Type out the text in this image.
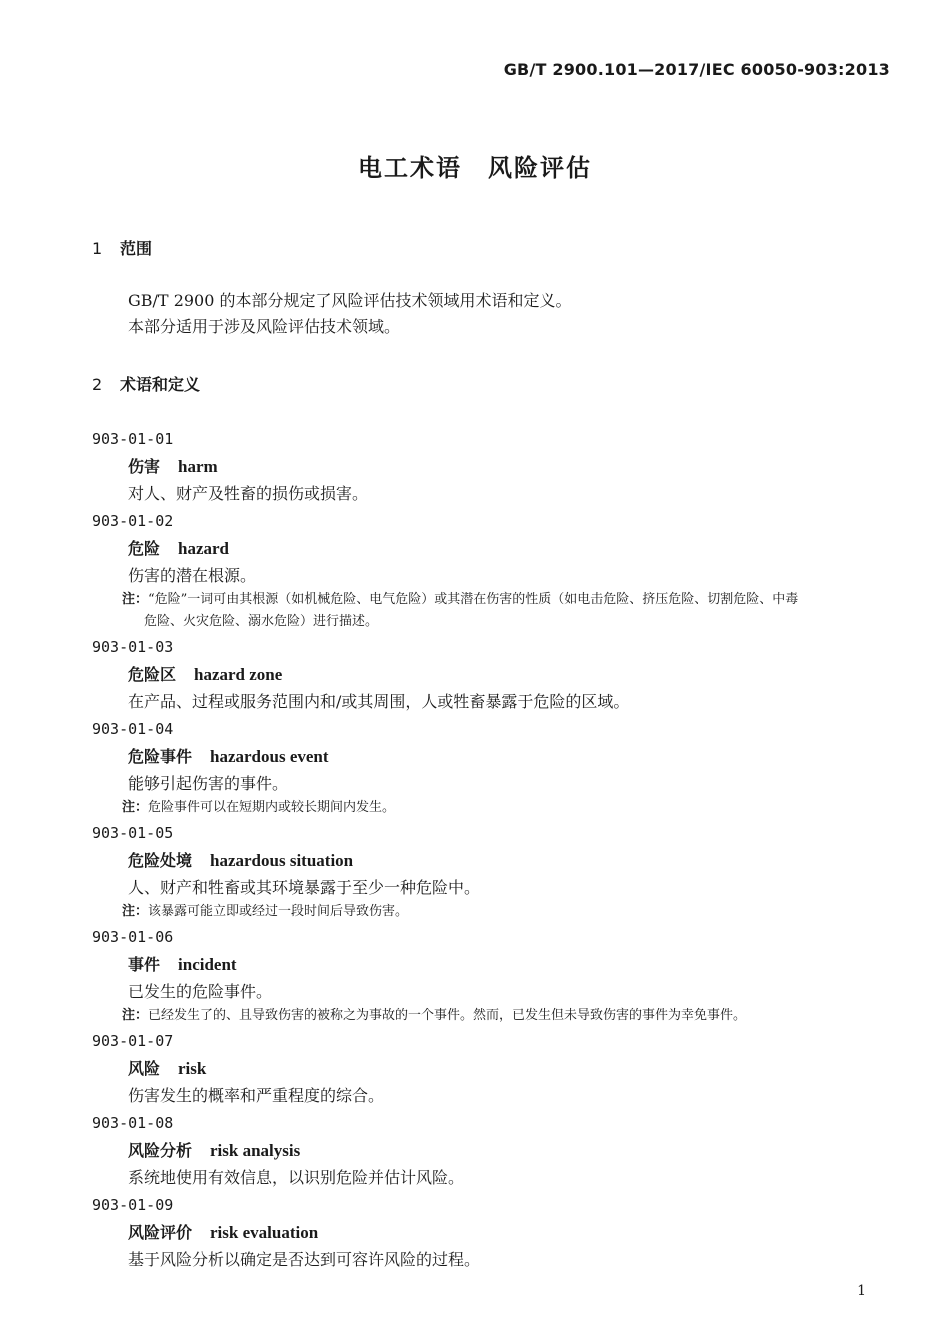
GB/T 2900.101—2017/IEC 60050-903:2013
电工术语　风险评估
1 范围
GB/T 2900 的本部分规定了风险评估技术领域用术语和定义。
本部分适用于涉及风险评估技术领域。
2 术语和定义
903-01-01
伤害 harm
对人、财产及牲畜的损伤或损害。
903-01-02
危险 hazard
伤害的潜在根源。
注：“危险”一词可由其根源（如机械危险、电气危险）或其潜在伤害的性质（如电击危险、挤压危险、切割危险、中毒
危险、火灾危险、溺水危险）进行描述。
903-01-03
危险区 hazard zone
在产品、过程或服务范围内和/或其周围，人或牲畜暴露于危险的区域。
903-01-04
危险事件 hazardous event
能够引起伤害的事件。
注：危险事件可以在短期内或较长期间内发生。
903-01-05
危险处境 hazardous situation
人、财产和牲畜或其环境暴露于至少一种危险中。
注：该暴露可能立即或经过一段时间后导致伤害。
903-01-06
事件 incident
已发生的危险事件。
注：已经发生了的、且导致伤害的被称之为事故的一个事件。然而，已发生但未导致伤害的事件为幸免事件。
903-01-07
风险 risk
伤害发生的概率和严重程度的综合。
903-01-08
风险分析 risk analysis
系统地使用有效信息，以识别危险并估计风险。
903-01-09
风险评价 risk evaluation
基于风险分析以确定是否达到可容许风险的过程。
1
